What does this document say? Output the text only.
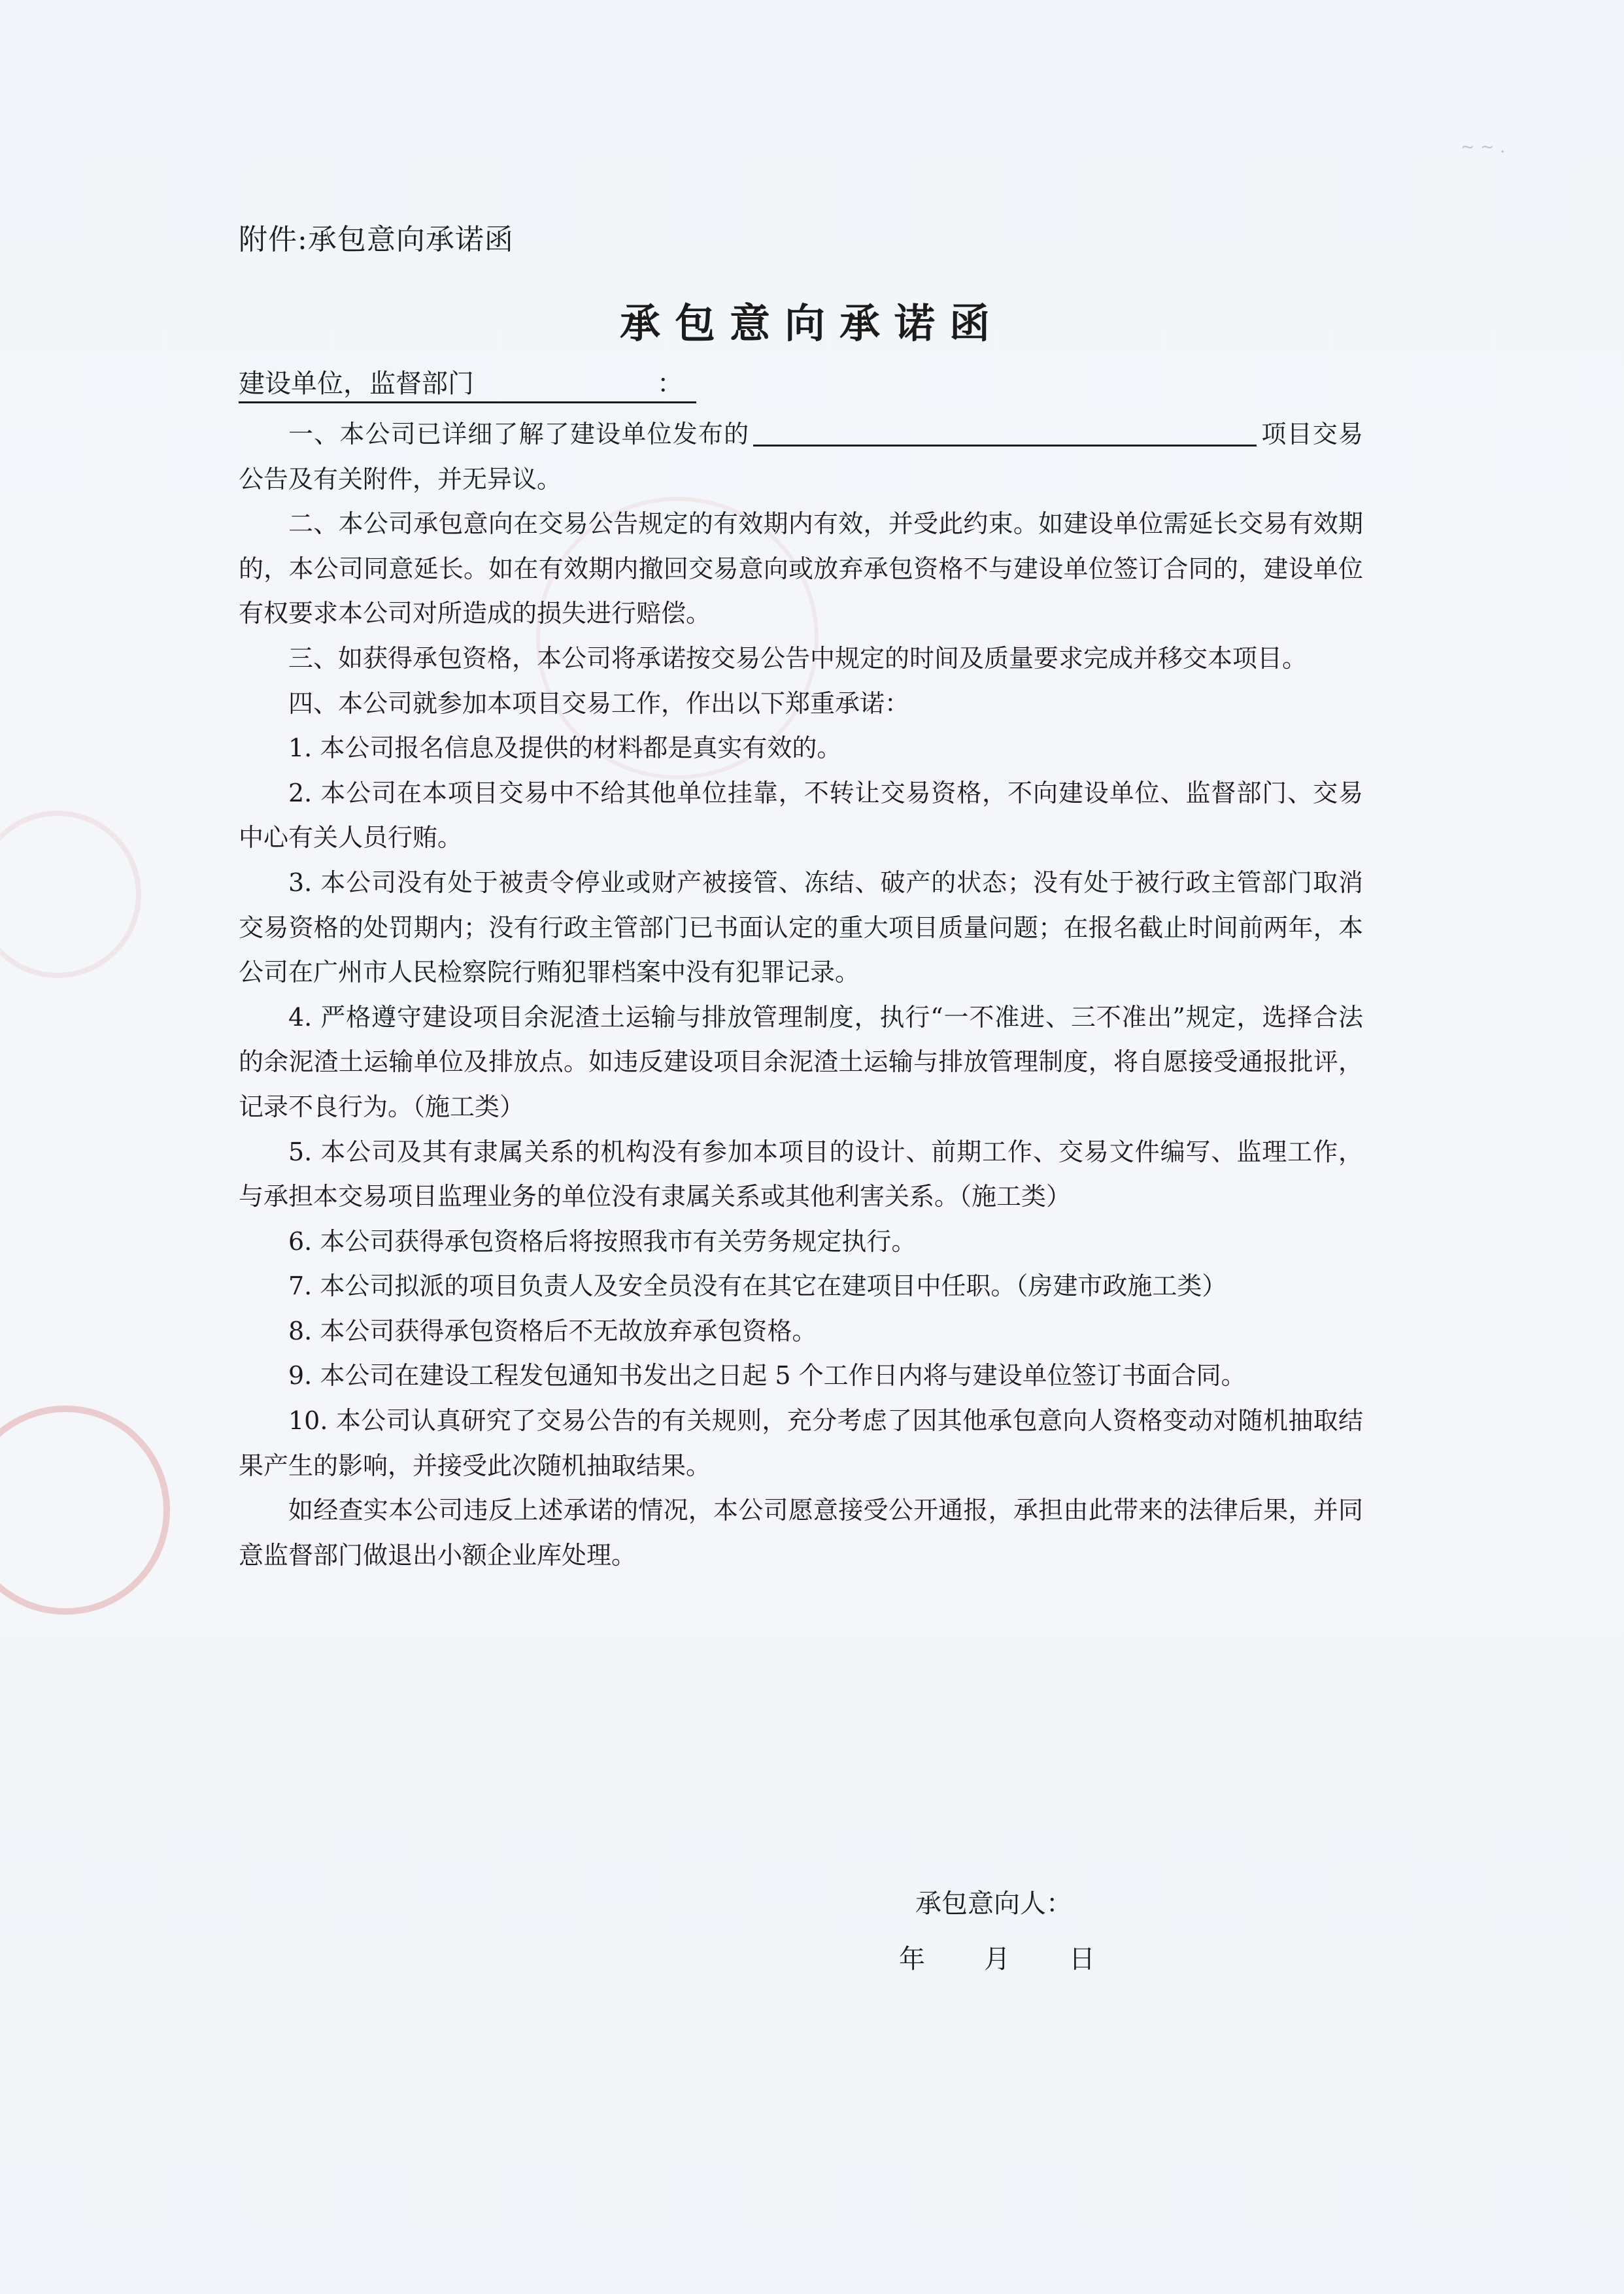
~ ~ .
附件:承包意向承诺函
承包意向承诺函
建设单位，监督部门	：

一、本公司已详细了解了建设单位发布的	项目交易公告及有关附件，并无异议。

二、本公司承包意向在交易公告规定的有效期内有效，并受此约束。如建设单位需延长交易有效期的，本公司同意延长。如在有效期内撤回交易意向或放弃承包资格不与建设单位签订合同的，建设单位有权要求本公司对所造成的损失进行赔偿。

三、如获得承包资格，本公司将承诺按交易公告中规定的时间及质量要求完成并移交本项目。

四、本公司就参加本项目交易工作，作出以下郑重承诺：

1. 本公司报名信息及提供的材料都是真实有效的。

2. 本公司在本项目交易中不给其他单位挂靠，不转让交易资格，不向建设单位、监督部门、交易中心有关人员行贿。

3. 本公司没有处于被责令停业或财产被接管、冻结、破产的状态；没有处于被行政主管部门取消交易资格的处罚期内；没有行政主管部门已书面认定的重大项目质量问题；在报名截止时间前两年，本公司在广州市人民检察院行贿犯罪档案中没有犯罪记录。

4. 严格遵守建设项目余泥渣土运输与排放管理制度，执行“一不准进、三不准出”规定，选择合法的余泥渣土运输单位及排放点。如违反建设项目余泥渣土运输与排放管理制度，将自愿接受通报批评，记录不良行为。（施工类）

5. 本公司及其有隶属关系的机构没有参加本项目的设计、前期工作、交易文件编写、监理工作，与承担本交易项目监理业务的单位没有隶属关系或其他利害关系。（施工类）

6. 本公司获得承包资格后将按照我市有关劳务规定执行。

7. 本公司拟派的项目负责人及安全员没有在其它在建项目中任职。（房建市政施工类）

8. 本公司获得承包资格后不无故放弃承包资格。

9. 本公司在建设工程发包通知书发出之日起 5 个工作日内将与建设单位签订书面合同。

10. 本公司认真研究了交易公告的有关规则，充分考虑了因其他承包意向人资格变动对随机抽取结果产生的影响，并接受此次随机抽取结果。

如经查实本公司违反上述承诺的情况，本公司愿意接受公开通报，承担由此带来的法律后果，并同意监督部门做退出小额企业库处理。

承包意向人：
年 月 日
